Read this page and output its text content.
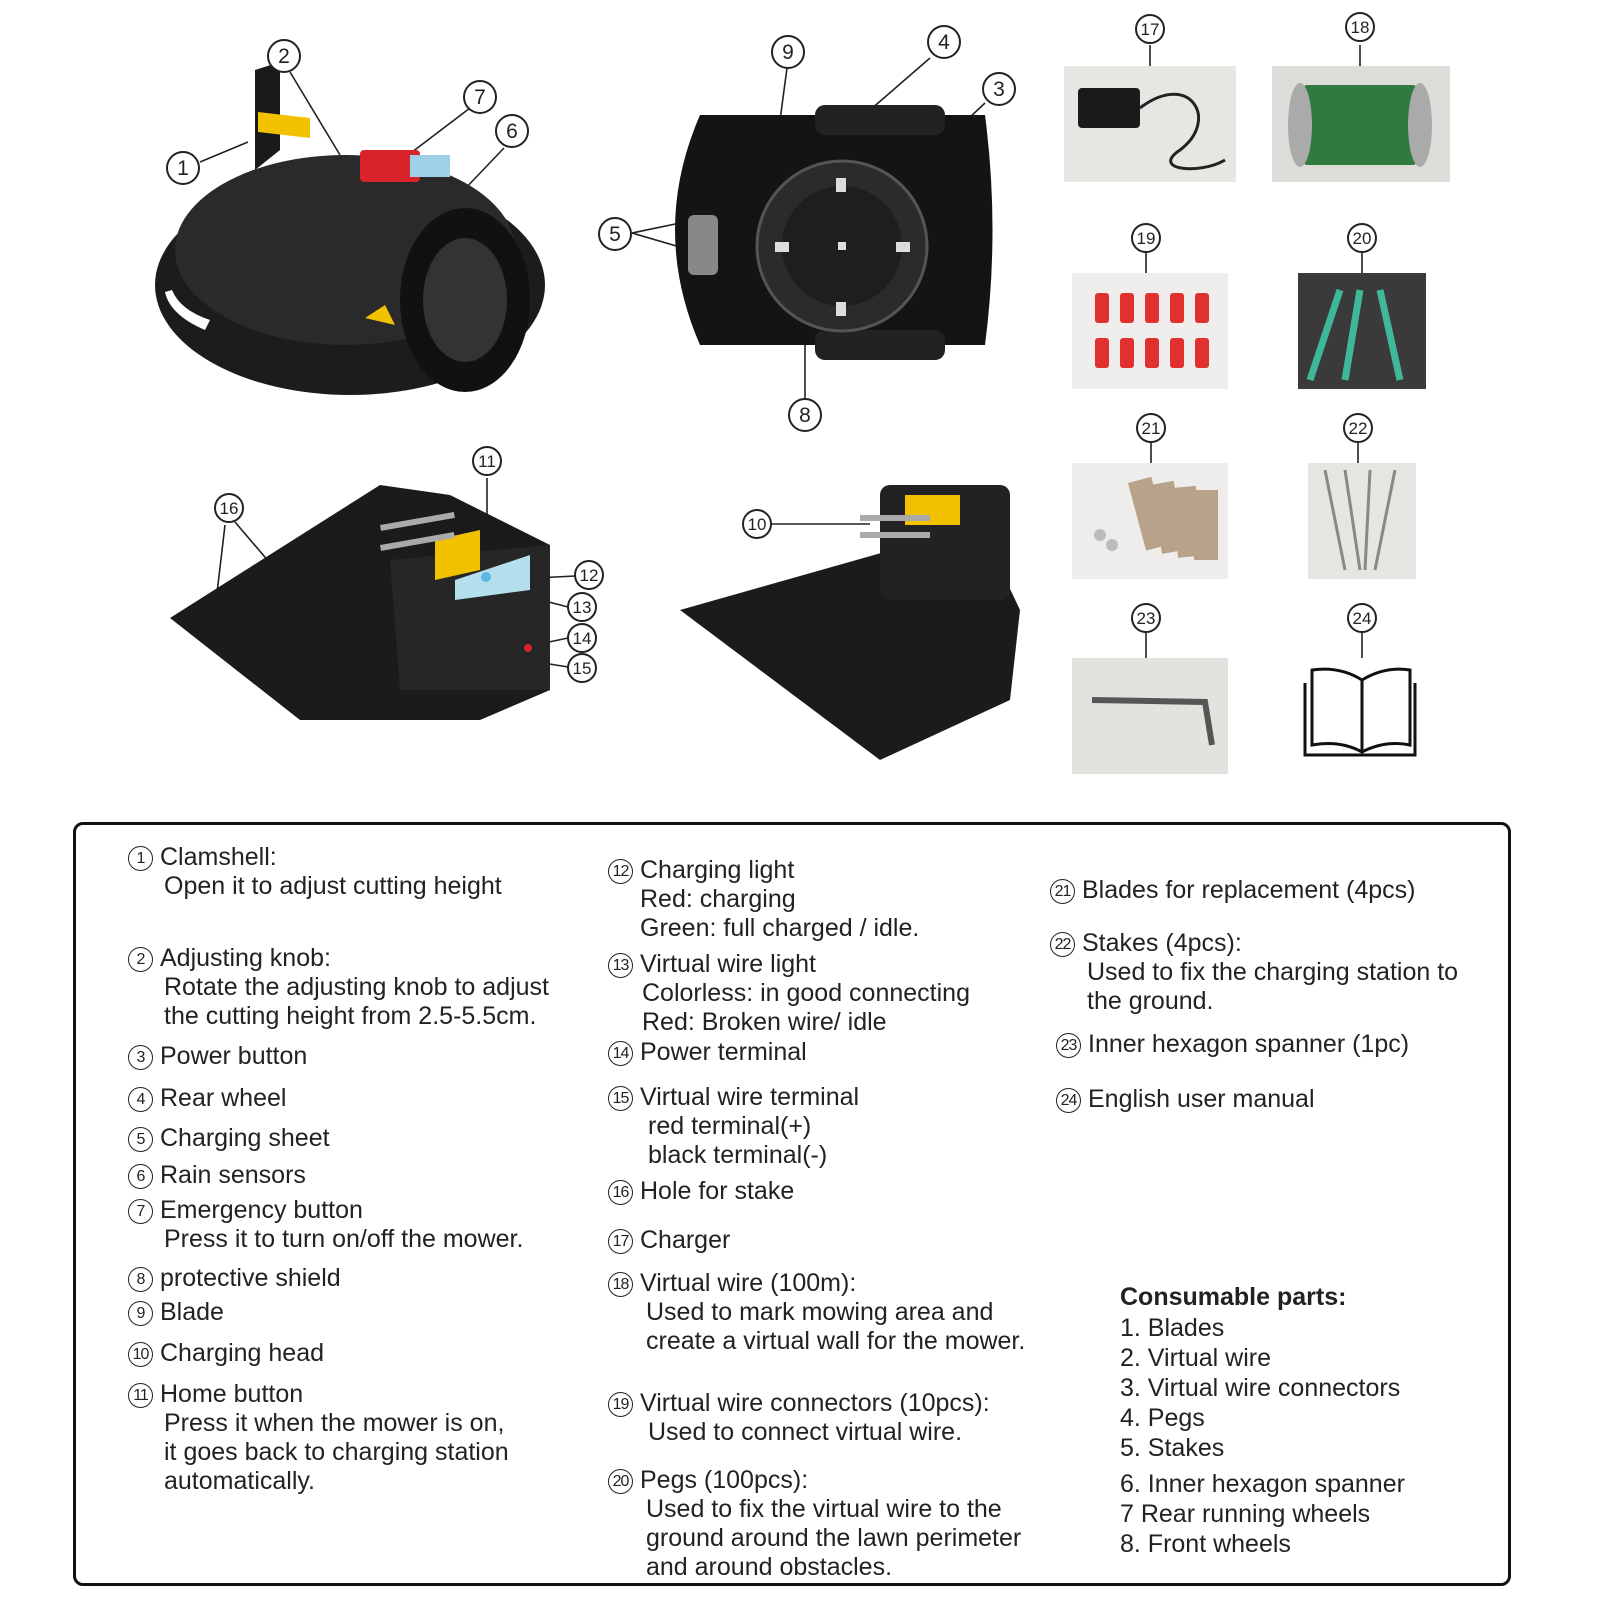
1
2
3
4
5
6
7
8
9
10
11
12
13
14
15
16
17	18
19	20
21	22
23	24
1 Clamshell:
Open it to adjust cutting height
2 Adjusting knob:
Rotate the adjusting knob to adjust
the cutting height from 2.5-5.5cm.
3 Power button
4 Rear wheel
5 Charging sheet
6 Rain sensors
7 Emergency button
Press it to turn on/off the mower.
8 protective shield
9 Blade
10 Charging head
11 Home button
Press it when the mower is on,
it goes back to charging station
automatically.
12 Charging light
Red: charging
Green: full charged / idle.
13 Virtual wire light
Colorless: in good connecting
Red: Broken wire/ idle
14 Power terminal
15 Virtual wire terminal
red terminal(+)
black terminal(-)
16 Hole for stake
17 Charger
18 Virtual wire (100m):
Used to mark mowing area and
create a virtual wall for the mower.
19 Virtual wire connectors (10pcs):
Used to connect virtual wire.
20 Pegs (100pcs):
Used to fix the virtual wire to the
ground around the lawn perimeter
and around obstacles.
21 Blades for replacement (4pcs)
22 Stakes (4pcs):
Used to fix the charging station to
the ground.
23 Inner hexagon spanner (1pc)
24 English user manual
Consumable parts:
1. Blades
2. Virtual wire
3. Virtual wire connectors
4. Pegs
5. Stakes
6. Inner hexagon spanner
7 Rear running wheels
8. Front wheels
